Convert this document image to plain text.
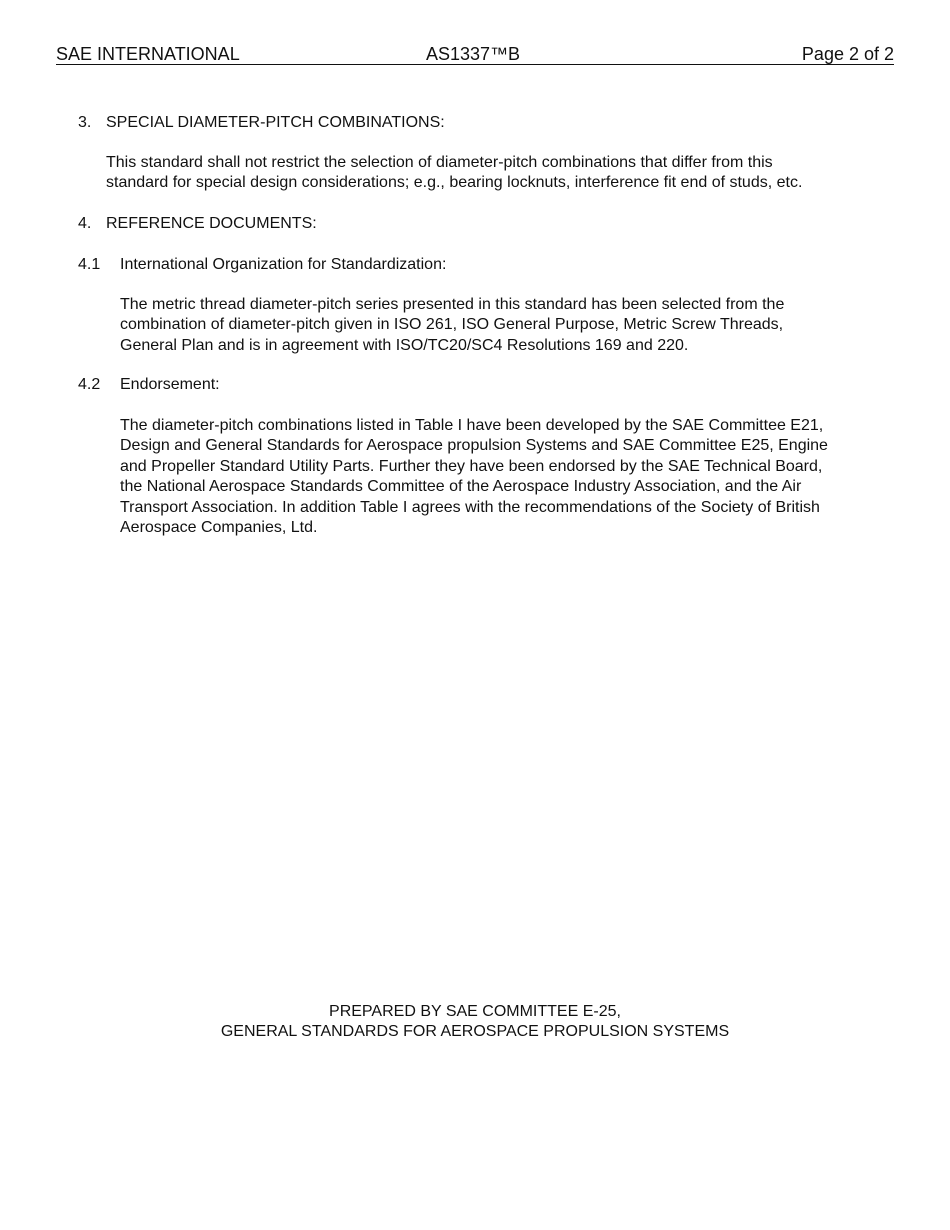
SAE INTERNATIONAL	AS1337™B	Page 2 of 2
3. SPECIAL DIAMETER-PITCH COMBINATIONS:
This standard shall not restrict the selection of diameter-pitch combinations that differ from this
standard for special design considerations; e.g., bearing locknuts, interference fit end of studs, etc.
4. REFERENCE DOCUMENTS:
4.1 International Organization for Standardization:
The metric thread diameter-pitch series presented in this standard has been selected from the
combination of diameter-pitch given in ISO 261, ISO General Purpose, Metric Screw Threads,
General Plan and is in agreement with ISO/TC20/SC4 Resolutions 169 and 220.
4.2 Endorsement:
The diameter-pitch combinations listed in Table I have been developed by the SAE Committee E21,
Design and General Standards for Aerospace propulsion Systems and SAE Committee E25, Engine
and Propeller Standard Utility Parts. Further they have been endorsed by the SAE Technical Board,
the National Aerospace Standards Committee of the Aerospace Industry Association, and the Air
Transport Association. In addition Table I agrees with the recommendations of the Society of British
Aerospace Companies, Ltd.
PREPARED BY SAE COMMITTEE E-25,
GENERAL STANDARDS FOR AEROSPACE PROPULSION SYSTEMS
